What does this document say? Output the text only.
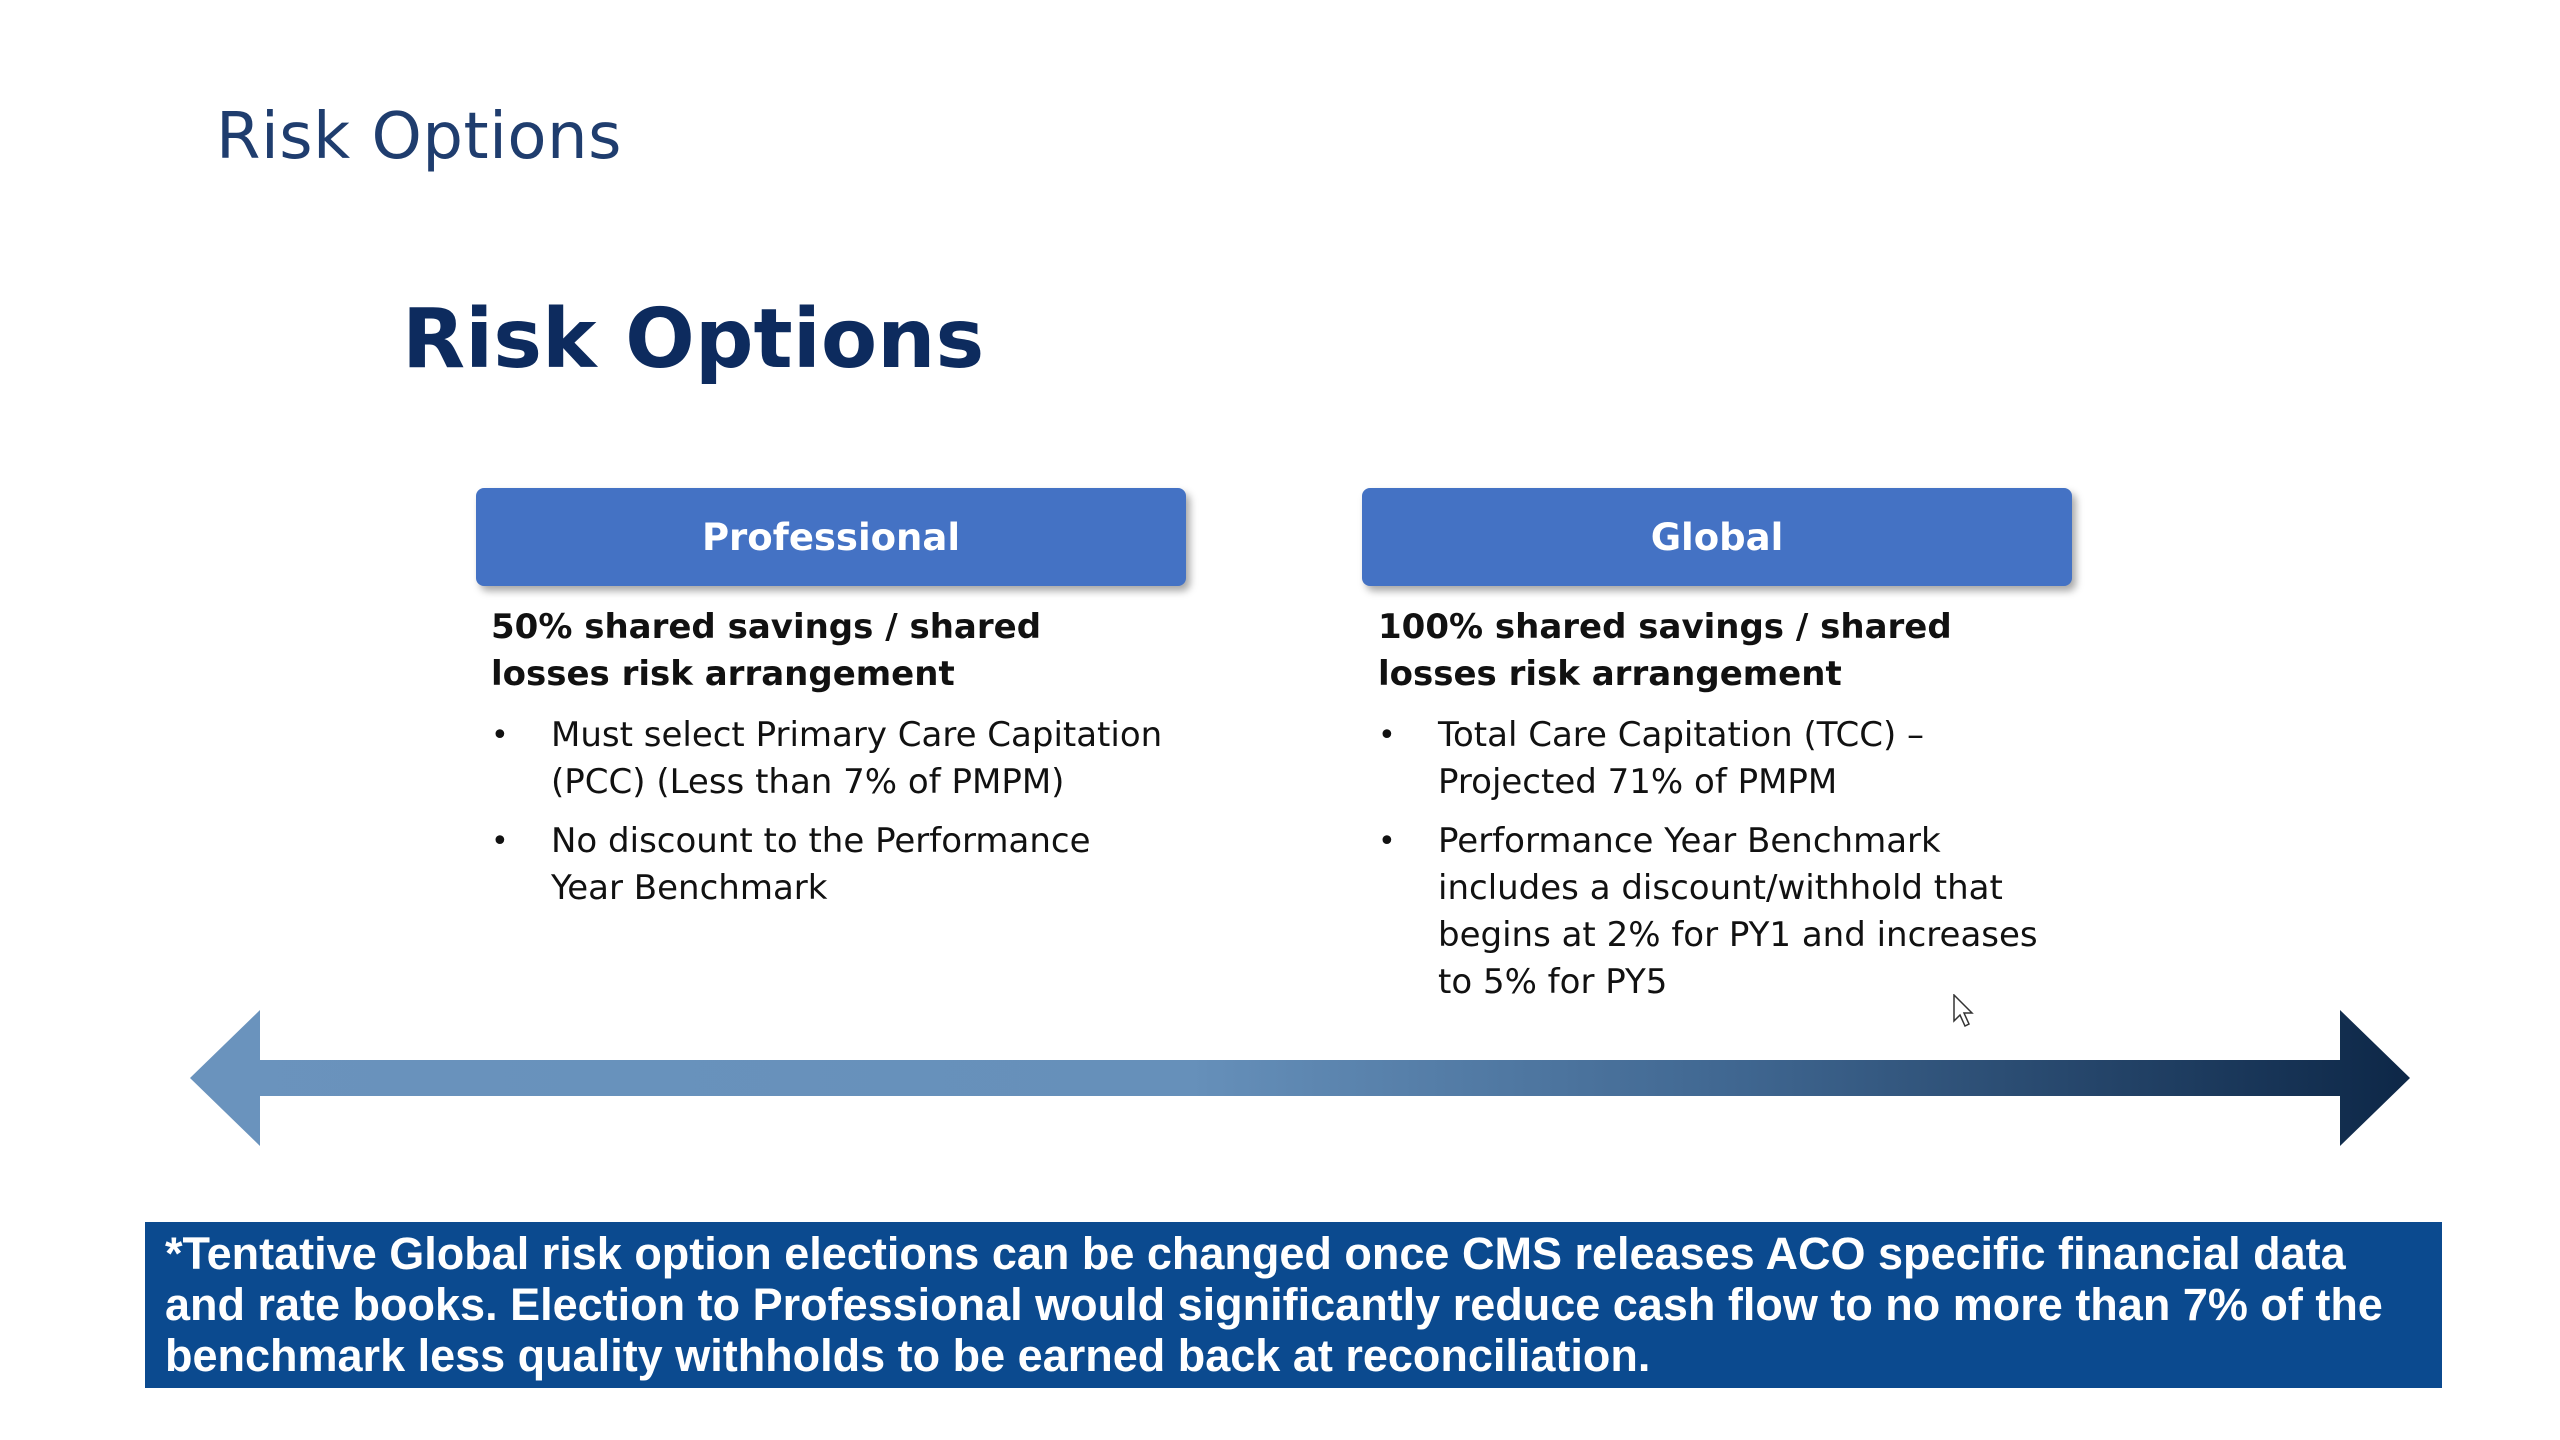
Risk Options
Risk Options
Professional

50% shared savings / shared losses risk arrangement

• Must select Primary Care Capitation (PCC) (Less than 7% of PMPM)
• No discount to the Performance Year Benchmark
Global

100% shared savings / shared losses risk arrangement

• Total Care Capitation (TCC) – Projected 71% of PMPM
• Performance Year Benchmark includes a discount/withhold that begins at 2% for PY1 and increases to 5% for PY5

*Tentative Global risk option elections can be changed once CMS releases ACO specific financial data and rate books. Election to Professional would significantly reduce cash flow to no more than 7% of the benchmark less quality withholds to be earned back at reconciliation.
